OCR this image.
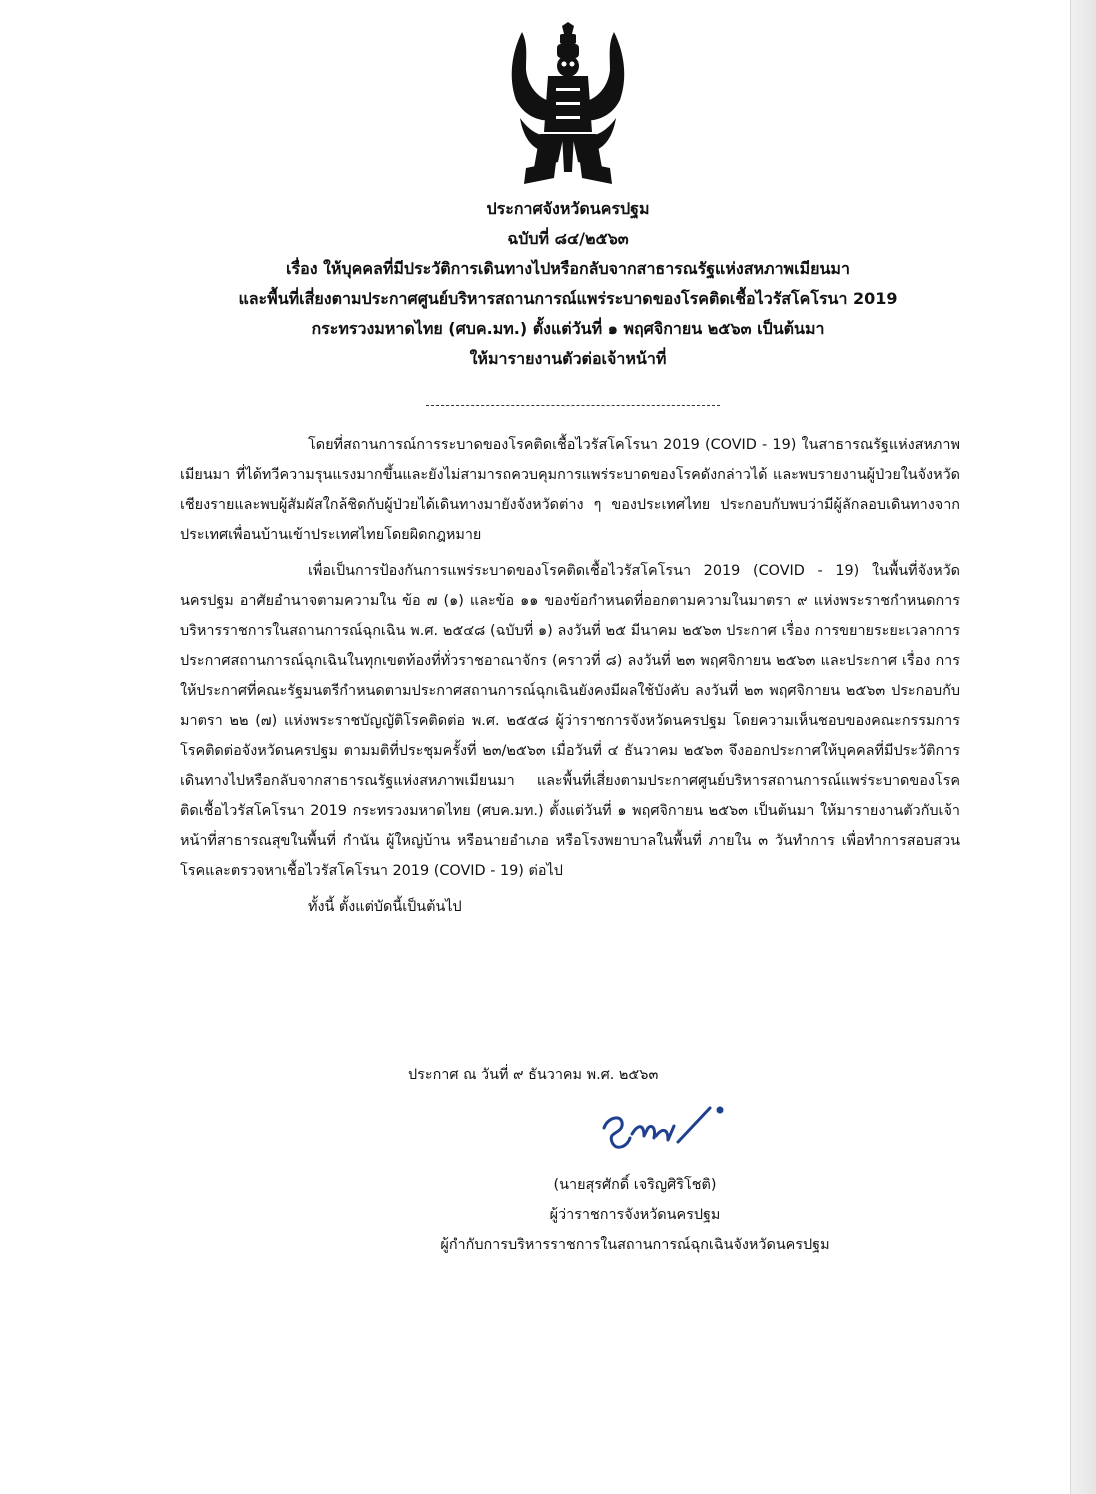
ประกาศจังหวัดนครปฐม
ฉบับที่ ๘๔/๒๕๖๓
เรื่อง ให้บุคคลที่มีประวัติการเดินทางไปหรือกลับจากสาธารณรัฐแห่งสหภาพเมียนมา
และพื้นที่เสี่ยงตามประกาศศูนย์บริหารสถานการณ์แพร่ระบาดของโรคติดเชื้อไวรัสโคโรนา 2019
กระทรวงมหาดไทย (ศบค.มท.) ตั้งแต่วันที่ ๑ พฤศจิกายน ๒๕๖๓ เป็นต้นมา
ให้มารายงานตัวต่อเจ้าหน้าที่

โดยที่สถานการณ์การระบาดของโรคติดเชื้อไวรัสโคโรนา 2019 (COVID - 19) ในสาธารณรัฐแห่งสหภาพเมียนมา ที่ได้ทวีความรุนแรงมากขึ้นและยังไม่สามารถควบคุมการแพร่ระบาดของโรคดังกล่าวได้ และพบรายงานผู้ป่วยในจังหวัดเชียงรายและพบผู้สัมผัสใกล้ชิดกับผู้ป่วยได้เดินทางมายังจังหวัดต่าง ๆ ของประเทศไทย ประกอบกับพบว่ามีผู้ลักลอบเดินทางจากประเทศเพื่อนบ้านเข้าประเทศไทยโดยผิดกฎหมาย

เพื่อเป็นการป้องกันการแพร่ระบาดของโรคติดเชื้อไวรัสโคโรนา 2019 (COVID - 19) ในพื้นที่จังหวัดนครปฐม อาศัยอำนาจตามความใน ข้อ ๗ (๑) และข้อ ๑๑ ของข้อกำหนดที่ออกตามความในมาตรา ๙ แห่งพระราชกำหนดการบริหารราชการในสถานการณ์ฉุกเฉิน พ.ศ. ๒๕๔๘ (ฉบับที่ ๑) ลงวันที่ ๒๕ มีนาคม ๒๕๖๓ ประกาศ เรื่อง การขยายระยะเวลาการประกาศสถานการณ์ฉุกเฉินในทุกเขตท้องที่ทั่วราชอาณาจักร (คราวที่ ๘) ลงวันที่ ๒๓ พฤศจิกายน ๒๕๖๓ และประกาศ เรื่อง การให้ประกาศที่คณะรัฐมนตรีกำหนดตามประกาศสถานการณ์ฉุกเฉินยังคงมีผลใช้บังคับ ลงวันที่ ๒๓ พฤศจิกายน ๒๕๖๓ ประกอบกับมาตรา ๒๒ (๗) แห่งพระราชบัญญัติโรคติดต่อ พ.ศ. ๒๕๕๘ ผู้ว่าราชการจังหวัดนครปฐม โดยความเห็นชอบของคณะกรรมการโรคติดต่อจังหวัดนครปฐม ตามมติที่ประชุมครั้งที่ ๒๓/๒๕๖๓ เมื่อวันที่ ๔ ธันวาคม ๒๕๖๓ จึงออกประกาศให้บุคคลที่มีประวัติการเดินทางไปหรือกลับจากสาธารณรัฐแห่งสหภาพเมียนมา และพื้นที่เสี่ยงตามประกาศศูนย์บริหารสถานการณ์แพร่ระบาดของโรคติดเชื้อไวรัสโคโรนา 2019 กระทรวงมหาดไทย (ศบค.มท.) ตั้งแต่วันที่ ๑ พฤศจิกายน ๒๕๖๓ เป็นต้นมา ให้มารายงานตัวกับเจ้าหน้าที่สาธารณสุขในพื้นที่ กำนัน ผู้ใหญ่บ้าน หรือนายอำเภอ หรือโรงพยาบาลในพื้นที่ ภายใน ๓ วันทำการ เพื่อทำการสอบสวนโรคและตรวจหาเชื้อไวรัสโคโรนา 2019 (COVID - 19) ต่อไป

ทั้งนี้ ตั้งแต่บัดนี้เป็นต้นไป
ประกาศ ณ วันที่ ๙ ธันวาคม พ.ศ. ๒๕๖๓
(นายสุรศักดิ์ เจริญศิริโชติ)
ผู้ว่าราชการจังหวัดนครปฐม
ผู้กำกับการบริหารราชการในสถานการณ์ฉุกเฉินจังหวัดนครปฐม
